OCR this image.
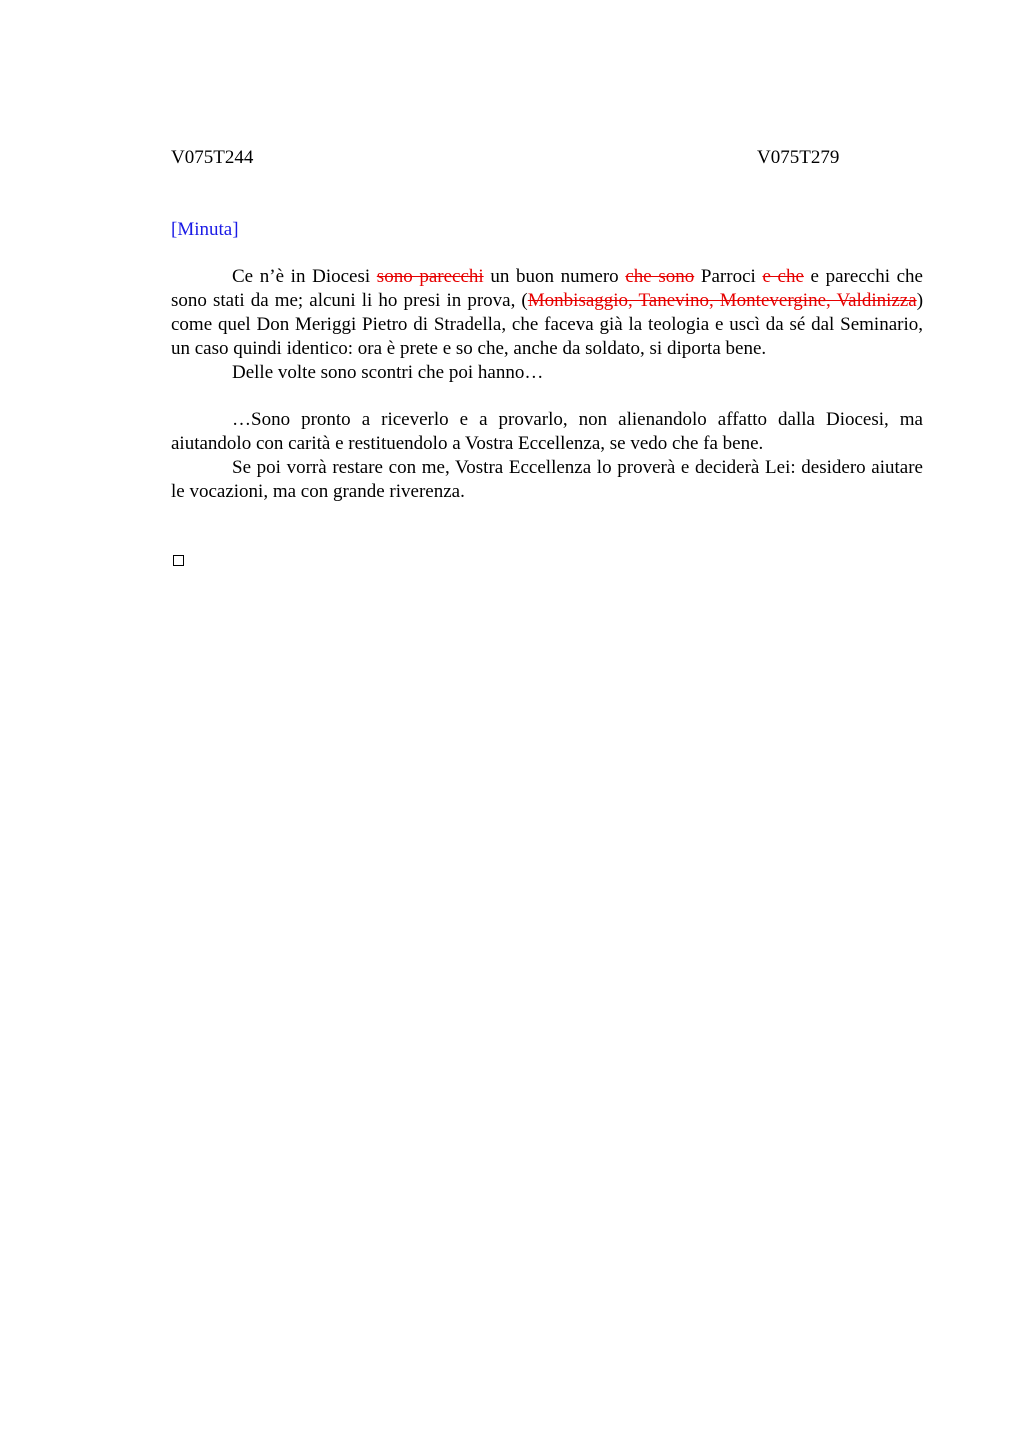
V075T244	V075T279
[Minuta]

Ce n’è in Diocesi sono parecchi un buon numero che sono Parroci e che e parecchi che sono stati da me; alcuni li ho presi in prova, (Monbisaggio, Tanevino, Montevergine, Valdinizza) come quel Don Meriggi Pietro di Stradella, che faceva già la teologia e uscì da sé dal Seminario, un caso quindi identico: ora è prete e so che, anche da soldato, si diporta bene.

Delle volte sono scontri che poi hanno…

…Sono pronto a riceverlo e a provarlo, non alienandolo affatto dalla Diocesi, ma aiutandolo con carità e restituendolo a Vostra Eccellenza, se vedo che fa bene.

Se poi vorrà restare con me, Vostra Eccellenza lo proverà e deciderà Lei: desidero aiutare le vocazioni, ma con grande riverenza.
